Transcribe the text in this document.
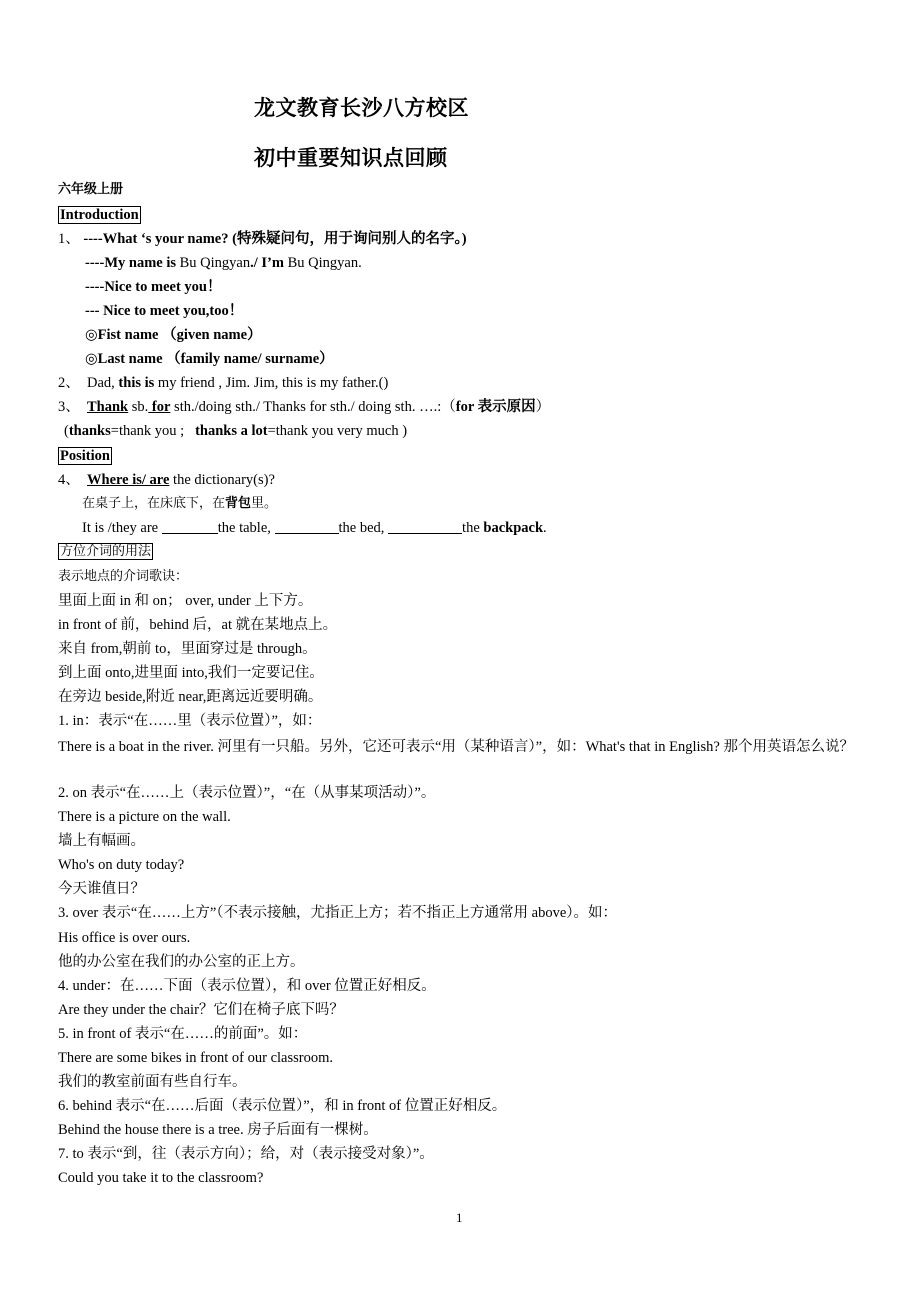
龙文教育长沙八方校区
初中重要知识点回顾
六年级上册
Introduction
1、 ----What ‘s your name? (特殊疑问句，用于询问别人的名字。)
----My name is Bu Qingyan./ I’m Bu Qingyan.
----Nice to meet you！
--- Nice to meet you,too！
◎Fist name （given name）
◎Last name （family name/ surname）
2、 Dad, this is my friend , Jim. Jim, this is my father.()
3、 Thank sb. for sth./doing sth./ Thanks for sth./ doing sth. ….:（for 表示原因）
(thanks=thank you ;   thanks a lot=thank you very much )
Position
4、 Where is/ are the dictionary(s)?
在桌子上，在床底下，在背包里。
It is /they are	the table,	the bed,	the backpack.
方位介词的用法
表示地点的介词歌诀：
里面上面 in 和 on； over, under 上下方。
in front of 前，behind 后，at 就在某地点上。
来自 from,朝前 to，里面穿过是 through。
到上面 onto,进里面 into,我们一定要记住。
在旁边 beside,附近 near,距离远近要明确。
1. in：表示“在……里（表示位置）”，如：
There is a boat in the river. 河里有一只船。另外，它还可表示“用（某种语言）”，如：What's that in English? 那个用英语怎么说？
2. on 表示“在……上（表示位置）”，“在（从事某项活动）”。
There is a picture on the wall.
墙上有幅画。
Who's on duty today?
今天谁值日？
3. over 表示“在……上方”（不表示接触，尤指正上方；若不指正上方通常用 above）。如：
His office is over ours.
他的办公室在我们的办公室的正上方。
4. under：在……下面（表示位置），和 over 位置正好相反。
Are they under the chair？它们在椅子底下吗？
5. in front of 表示“在……的前面”。如：
There are some bikes in front of our classroom.
我们的教室前面有些自行车。
6. behind 表示“在……后面（表示位置）”，和 in front of 位置正好相反。
Behind the house there is a tree. 房子后面有一棵树。
7. to 表示“到，往（表示方向）；给，对（表示接受对象）”。
Could you take it to the classroom?
1
